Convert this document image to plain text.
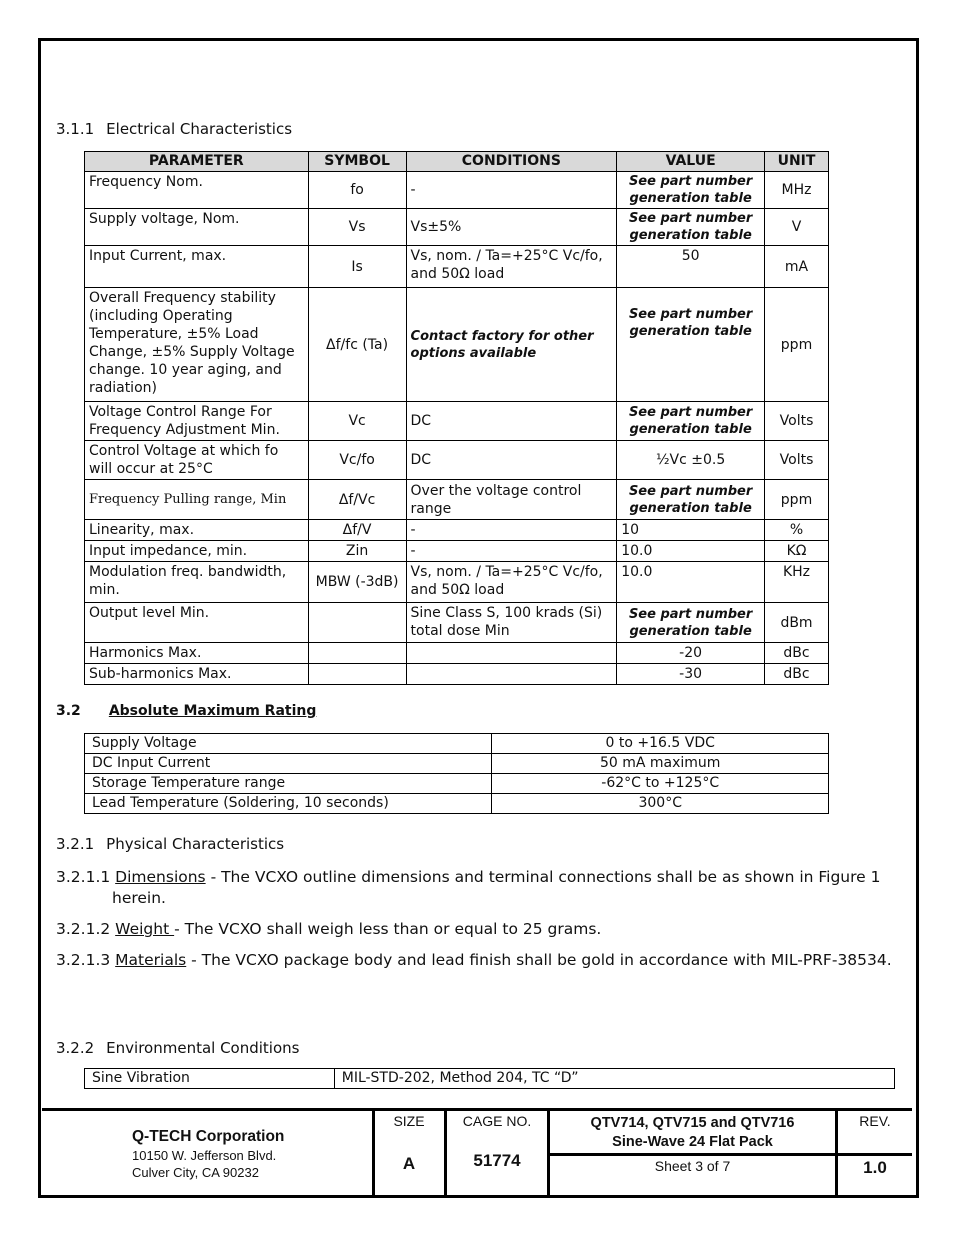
3.1.1 Electrical Characteristics
PARAMETER	SYMBOL	CONDITIONS	VALUE	UNIT
Frequency Nom.	fo	-	See part number generation table	MHz
Supply voltage, Nom.	Vs	Vs±5%	See part number generation table	V
Input Current, max.	Is	Vs, nom. / Ta=+25°C Vc/fo, and 50Ω load	50	mA
Overall Frequency stability (including Operating Temperature, ±5% Load Change, ±5% Supply Voltage change. 10 year aging, and radiation)	Δf/fc (Ta)	Contact factory for other options available	See part number generation table	ppm
Voltage Control Range For Frequency Adjustment Min.	Vc	DC	See part number generation table	Volts
Control Voltage at which fo will occur at 25°C	Vc/fo	DC	½Vc ±0.5	Volts
Frequency Pulling range, Min	Δf/Vc	Over the voltage control range	See part number generation table	ppm
Linearity, max.	Δf/V	-	10	%
Input impedance, min.	Zin	-	10.0	KΩ
Modulation freq. bandwidth, min.	MBW (-3dB)	Vs, nom. / Ta=+25°C Vc/fo, and 50Ω load	10.0	KHz
Output level Min.		Sine Class S, 100 krads (Si) total dose Min	See part number generation table	dBm
Harmonics Max.			-20	dBc
Sub-harmonics Max.			-30	dBc
3.2 Absolute Maximum Rating
Supply Voltage	0 to +16.5 VDC
DC Input Current	50 mA maximum
Storage Temperature range	-62°C to +125°C
Lead Temperature (Soldering, 10 seconds)	300°C
3.2.1 Physical Characteristics
3.2.1.1 Dimensions - The VCXO outline dimensions and terminal connections shall be as shown in Figure 1
herein.
3.2.1.2 Weight - The VCXO shall weigh less than or equal to 25 grams.
3.2.1.3 Materials - The VCXO package body and lead finish shall be gold in accordance with MIL-PRF-38534.
3.2.2 Environmental Conditions
Sine Vibration	MIL-STD-202, Method 204, TC “D”
Q-TECH Corporation
10150 W. Jefferson Blvd.
Culver City, CA 90232
SIZE
A
CAGE NO.
51774
QTV714, QTV715 and QTV716
Sine-Wave 24 Flat Pack
Sheet 3 of 7
REV.
1.0
